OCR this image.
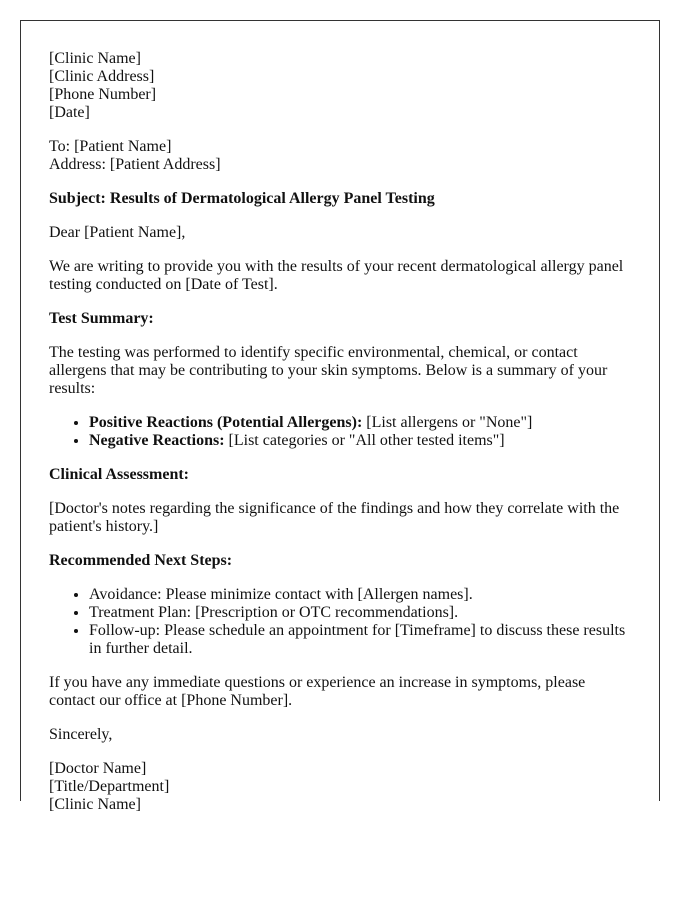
[Clinic Name]
[Clinic Address]
[Phone Number]
[Date]
To: [Patient Name]
Address: [Patient Address]
Subject: Results of Dermatological Allergy Panel Testing

Dear [Patient Name],

We are writing to provide you with the results of your recent dermatological allergy panel testing conducted on [Date of Test].

Test Summary:

The testing was performed to identify specific environmental, chemical, or contact allergens that may be contributing to your skin symptoms. Below is a summary of your results:

• Positive Reactions (Potential Allergens): [List allergens or "None"]
• Negative Reactions: [List categories or "All other tested items"]
Clinical Assessment:

[Doctor's notes regarding the significance of the findings and how they correlate with the patient's history.]

Recommended Next Steps:
• Avoidance: Please minimize contact with [Allergen names].
• Treatment Plan: [Prescription or OTC recommendations].
• Follow-up: Please schedule an appointment for [Timeframe] to discuss these results in further detail.

If you have any immediate questions or experience an increase in symptoms, please contact our office at [Phone Number].

Sincerely,

[Doctor Name]
[Title/Department]
[Clinic Name]
